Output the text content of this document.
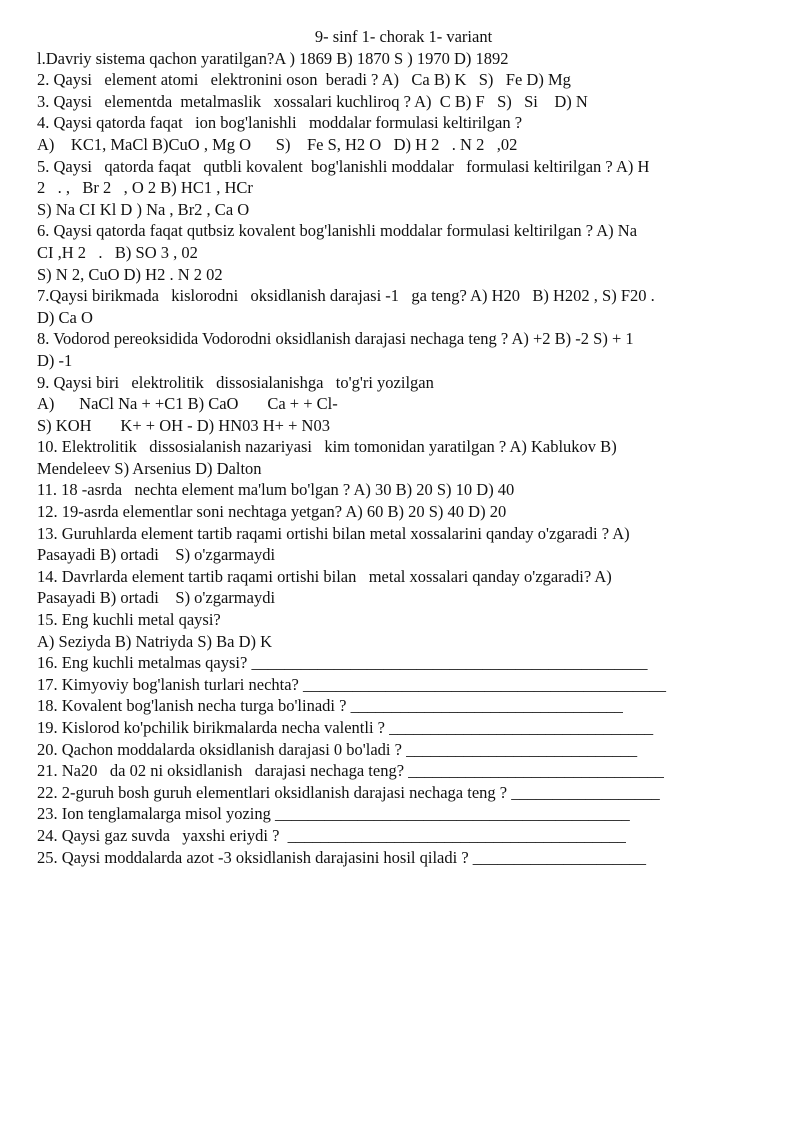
9- sinf 1- chorak 1- variant
l.Davriy sistema qachon yaratilgan?A ) 1869 B) 1870 S ) 1970 D) 1892
2. Qaysi   element atomi   elektronini oson  beradi ? A)   Ca B) K   S)   Fe D) Mg
3. Qaysi   elementda  metalmaslik   xossalari kuchliroq ? A)  C B) F   S)   Si    D) N
4. Qaysi qatorda faqat   ion bog'lanishli   moddalar formulasi keltirilgan ?
A)    KC1, MaCl B)CuO , Mg O      S)    Fe S, H2 O   D) H 2   . N 2   ,02
5. Qaysi   qatorda faqat   qutbli kovalent  bog'lanishli moddalar   formulasi keltirilgan ? A) H
2   . ,   Br 2   , O 2 B) HC1 , HCr
S) Na CI Kl D ) Na , Br2 , Ca O
6. Qaysi qatorda faqat qutbsiz kovalent bog'lanishli moddalar formulasi keltirilgan ? A) Na
CI ,H 2   .   B) SO 3 , 02
S) N 2, CuO D) H2 . N 2 02
7.Qaysi birikmada   kislorodni   oksidlanish darajasi -1   ga teng? A) H20   B) H202 , S) F20 .
D) Ca O
8. Vodorod pereoksidida Vodorodni oksidlanish darajasi nechaga teng ? A) +2 B) -2 S) + 1
D) -1
9. Qaysi biri   elektrolitik   dissosialanishga   to'g'ri yozilgan
A)      NaCl Na + +C1 B) CaO       Ca + + Cl-
S) KOH       K+ + OH - D) HN03 H+ + N03
10. Elektrolitik   dissosialanish nazariyasi   kim tomonidan yaratilgan ? A) Kablukov B)
Mendeleev S) Arsenius D) Dalton
11. 18 -asrda   nechta element ma'lum bo'lgan ? A) 30 B) 20 S) 10 D) 40
12. 19-asrda elementlar soni nechtaga yetgan? A) 60 B) 20 S) 40 D) 20
13. Guruhlarda element tartib raqami ortishi bilan metal xossalarini qanday o'zgaradi ? A)
Pasayadi B) ortadi    S) o'zgarmaydi
14. Davrlarda element tartib raqami ortishi bilan   metal xossalari qanday o'zgaradi? A)
Pasayadi B) ortadi    S) o'zgarmaydi
15. Eng kuchli metal qaysi?
A) Seziyda B) Natriyda S) Ba D) K
16. Eng kuchli metalmas qaysi? ________________________________________________
17. Kimyoviy bog'lanish turlari nechta? ____________________________________________
18. Kovalent bog'lanish necha turga bo'linadi ? _________________________________
19. Kislorod ko'pchilik birikmalarda necha valentli ? ________________________________
20. Qachon moddalarda oksidlanish darajasi 0 bo'ladi ? ____________________________
21. Na20   da 02 ni oksidlanish   darajasi nechaga teng? _______________________________
22. 2-guruh bosh guruh elementlari oksidlanish darajasi nechaga teng ? __________________
23. Ion tenglamalarga misol yozing ___________________________________________
24. Qaysi gaz suvda   yaxshi eriydi ?  _________________________________________
25. Qaysi moddalarda azot -3 oksidlanish darajasini hosil qiladi ? _____________________
